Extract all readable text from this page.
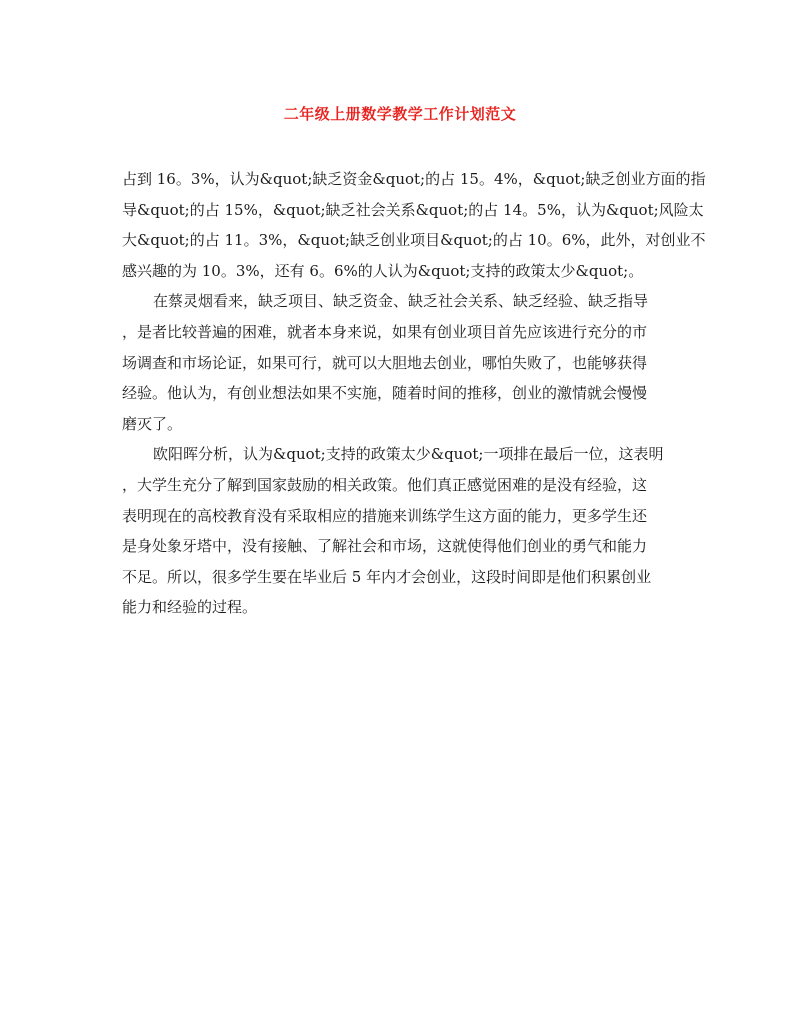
二年级上册数学教学工作计划范文
占到 16。3%，认为&quot;缺乏资金&quot;的占 15。4%，&quot;缺乏创业方面的指
导&quot;的占 15%，&quot;缺乏社会关系&quot;的占 14。5%，认为&quot;风险太
大&quot;的占 11。3%，&quot;缺乏创业项目&quot;的占 10。6%，此外，对创业不
感兴趣的为 10。3%，还有 6。6%的人认为&quot;支持的政策太少&quot;。
在蔡灵烟看来，缺乏项目、缺乏资金、缺乏社会关系、缺乏经验、缺乏指导
，是者比较普遍的困难，就者本身来说，如果有创业项目首先应该进行充分的市
场调查和市场论证，如果可行，就可以大胆地去创业，哪怕失败了，也能够获得
经验。他认为，有创业想法如果不实施，随着时间的推移，创业的激情就会慢慢
磨灭了。
欧阳晖分析，认为&quot;支持的政策太少&quot;一项排在最后一位，这表明
，大学生充分了解到国家鼓励的相关政策。他们真正感觉困难的是没有经验，这
表明现在的高校教育没有采取相应的措施来训练学生这方面的能力，更多学生还
是身处象牙塔中，没有接触、了解社会和市场，这就使得他们创业的勇气和能力
不足。所以，很多学生要在毕业后 5 年内才会创业，这段时间即是他们积累创业
能力和经验的过程。
